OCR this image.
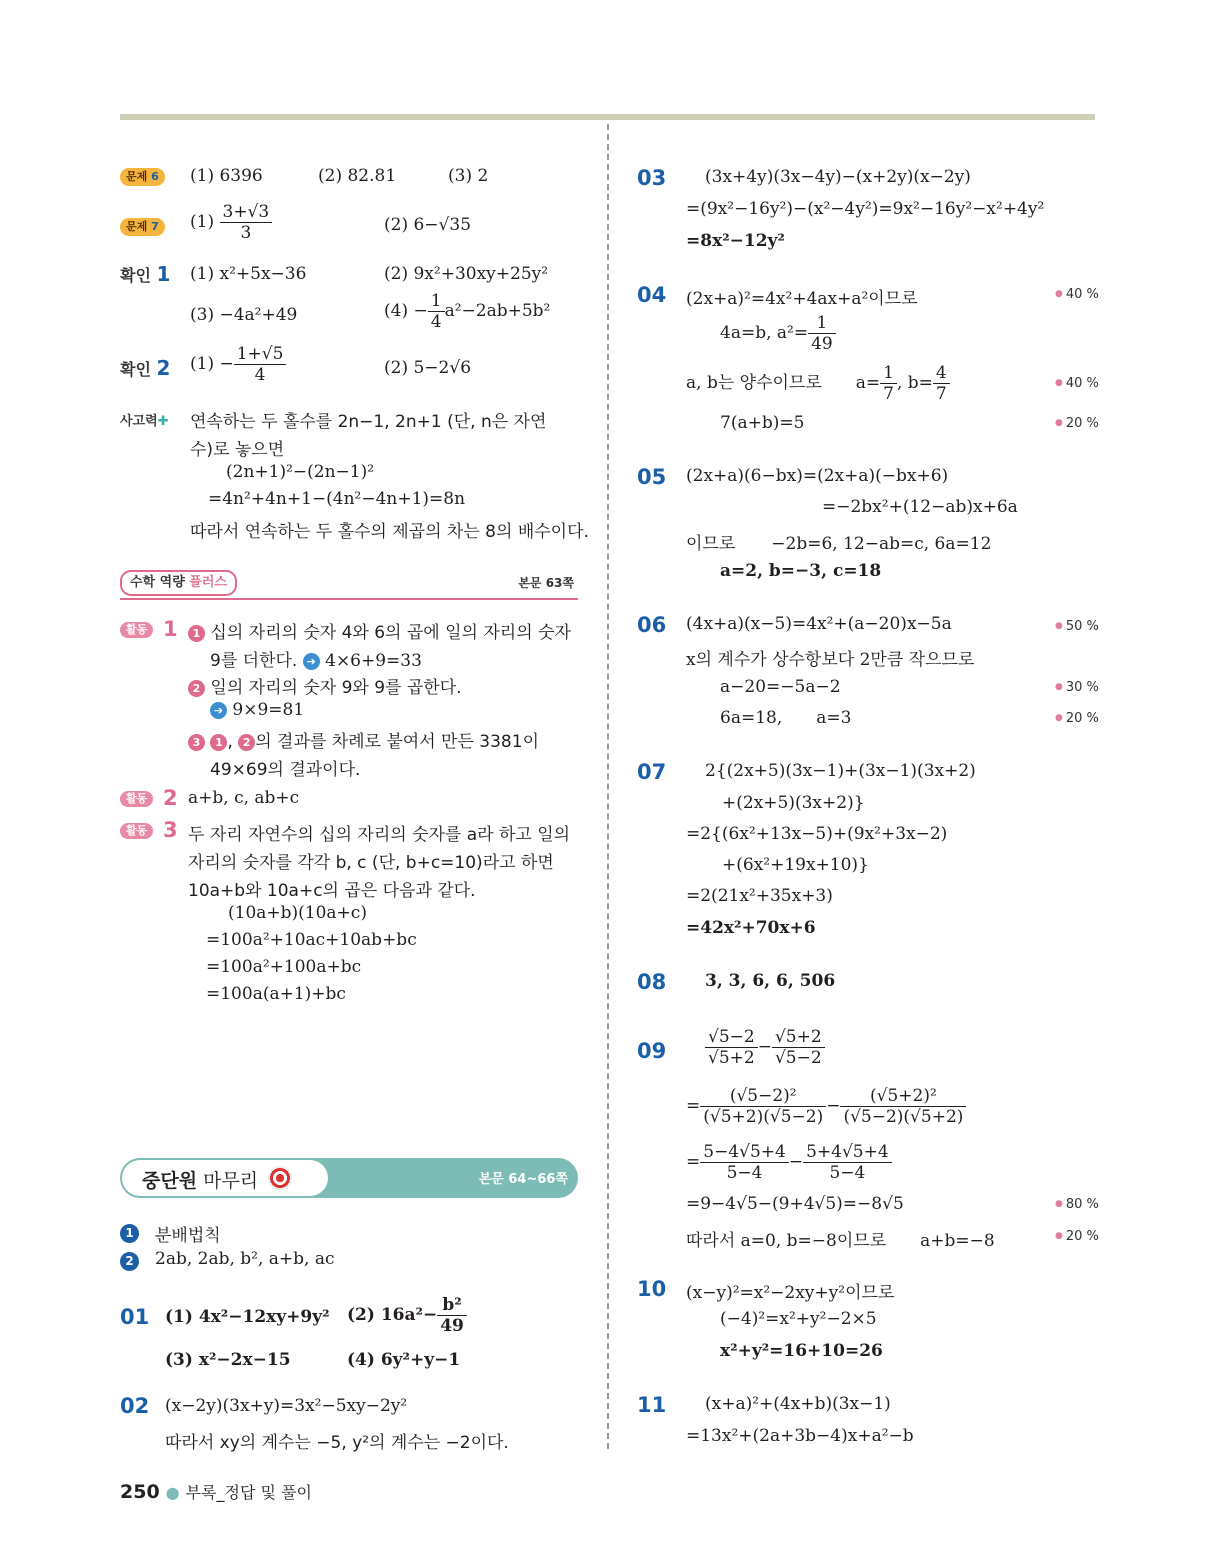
문제 6	(1) 6396	(2) 82.81	(3) 2
문제 7	$(1) \frac{3+√3}{3}$	(2) 6−√35
확인 1 (1) x²+5x−36	(2) 9x²+30xy+25y²
(3) −4a²+49	$(4) - \frac{1}{4} a^2-2ab+5b^2$
확인 2 $(1) - \frac{1+√5}{4}$	(2) 5−2√6
사고력✚ 연속하는 두 홀수를 2n−1, 2n+1 (단, n은 자연
수)로 놓으면
(2n+1)²−(2n−1)²
=4n²+4n+1−(4n²−4n+1)=8n
따라서 연속하는 두 홀수의 제곱의 차는 8의 배수이다.
수학 역량 플러스	본문 63쪽
활동 1	1 십의 자리의 숫자 4와 6의 곱에 일의 자리의 숫자
9를 더한다. ➔ 4×6+9=33
2 일의 자리의 숫자 9와 9를 곱한다.
➔ 9×9=81
3 1 , 2 의 결과를 차례로 붙여서 만든 3381이
49×69의 결과이다.
활동 2 a+b, c, ab+c
활동 3 두 자리 자연수의 십의 자리의 숫자를 a라 하고 일의
자리의 숫자를 각각 b, c (단, b+c=10)라고 하면
10a+b와 10a+c의 곱은 다음과 같다.
(10a+b)(10a+c)
=100a²+10ac+10ab+bc
=100a²+100a+bc
=100a(a+1)+bc
중단원 마무리	본문 64~66쪽
1	분배법칙
2	2ab, 2ab, b², a+b, ac
01 (1) 4x²−12xy+9y² (2) $16a^2- \frac{\text{b²}}{49}$
(3) x²−2x−15	(4) 6y²+y−1
02 (x−2y)(3x+y)=3x²−5xy−2y²
따라서 xy의 계수는 −5, y²의 계수는 −2이다.
03 (3x+4y)(3x−4y)−(x+2y)(x−2y)
=(9x²−16y²)−(x²−4y²)=9x²−16y²−x²+4y²
=8x²−12y²
04 (2x+a)²=4x²+4ax+a²이므로	● 40 %
4a=b, $a^2= \frac{1}{49}$
a, b는 양수이므로 $a= \frac{1}{7}$ , $b= \frac{4}{7}$	● 40 %
7(a+b)=5	● 20 %
05 (2x+a)(6−bx)=(2x+a)(−bx+6)
=−2bx²+(12−ab)x+6a
이므로 −2b=6, 12−ab=c, 6a=12
a=2, b=−3, c=18
06 (4x+a)(x−5)=4x²+(a−20)x−5a	● 50 %
x의 계수가 상수항보다 2만큼 작으므로
a−20=−5a−2	● 30 %
6a=18, a=3	● 20 %
07 2{(2x+5)(3x−1)+(3x−1)(3x+2)
+(2x+5)(3x+2)}
=2{(6x²+13x−5)+(9x²+3x−2)
+(6x²+19x+10)}
=2(21x²+35x+3)
=42x²+70x+6
08 3, 3, 6, 6, 506
$09 \frac{√5-2}{√5+2} - \frac{√5+2}{√5-2}$
= $\frac{\text{(√5−2)²}}{(√5+2)(√5-2)} - \frac{\text{(√5+2)²}}{(√5-2)(√5+2)}$
= $\frac{5-4√5+4}{5-4} - \frac{5+4√5+4}{5-4}$
=9−4√5−(9+4√5)=−8√5	● 80 %
따라서 a=0, b=−8이므로 a+b=−8	● 20 %
10 (x−y)²=x²−2xy+y²이므로
(−4)²=x²+y²−2×5
x²+y²=16+10=26
11 (x+a)²+(4x+b)(3x−1)
=13x²+(2a+3b−4)x+a²−b
250 ● 부록_정답 및 풀이
